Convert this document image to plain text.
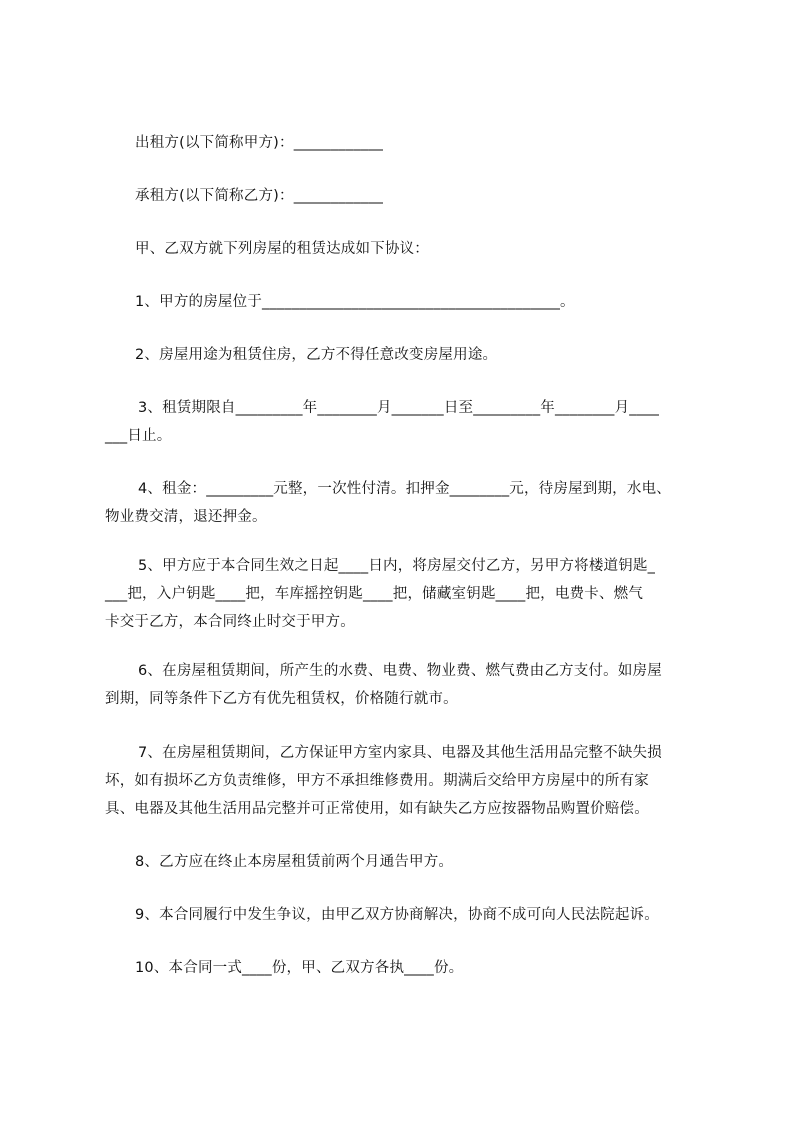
出租方(以下简称甲方)：____________
承租方(以下简称乙方)：____________
甲、乙双方就下列房屋的租赁达成如下协议：
1、甲方的房屋位于________________________________________。
2、房屋用途为租赁住房，乙方不得任意改变房屋用途。
3、租赁期限自_________年________月_______日至_________年________月____
___日止。
4、租金：_________元整，一次性付清。扣押金________元，待房屋到期，水电、
物业费交清，退还押金。
5、甲方应于本合同生效之日起____日内，将房屋交付乙方，另甲方将楼道钥匙_
___把，入户钥匙____把，车库摇控钥匙____把，储藏室钥匙____把，电费卡、燃气
卡交于乙方，本合同终止时交于甲方。
6、在房屋租赁期间，所产生的水费、电费、物业费、燃气费由乙方支付。如房屋
到期，同等条件下乙方有优先租赁权，价格随行就市。
7、在房屋租赁期间，乙方保证甲方室内家具、电器及其他生活用品完整不缺失损
坏，如有损坏乙方负责维修，甲方不承担维修费用。期满后交给甲方房屋中的所有家
具、电器及其他生活用品完整并可正常使用，如有缺失乙方应按器物品购置价赔偿。
8、乙方应在终止本房屋租赁前两个月通告甲方。
9、本合同履行中发生争议，由甲乙双方协商解决，协商不成可向人民法院起诉。
10、本合同一式____份，甲、乙双方各执____份。
